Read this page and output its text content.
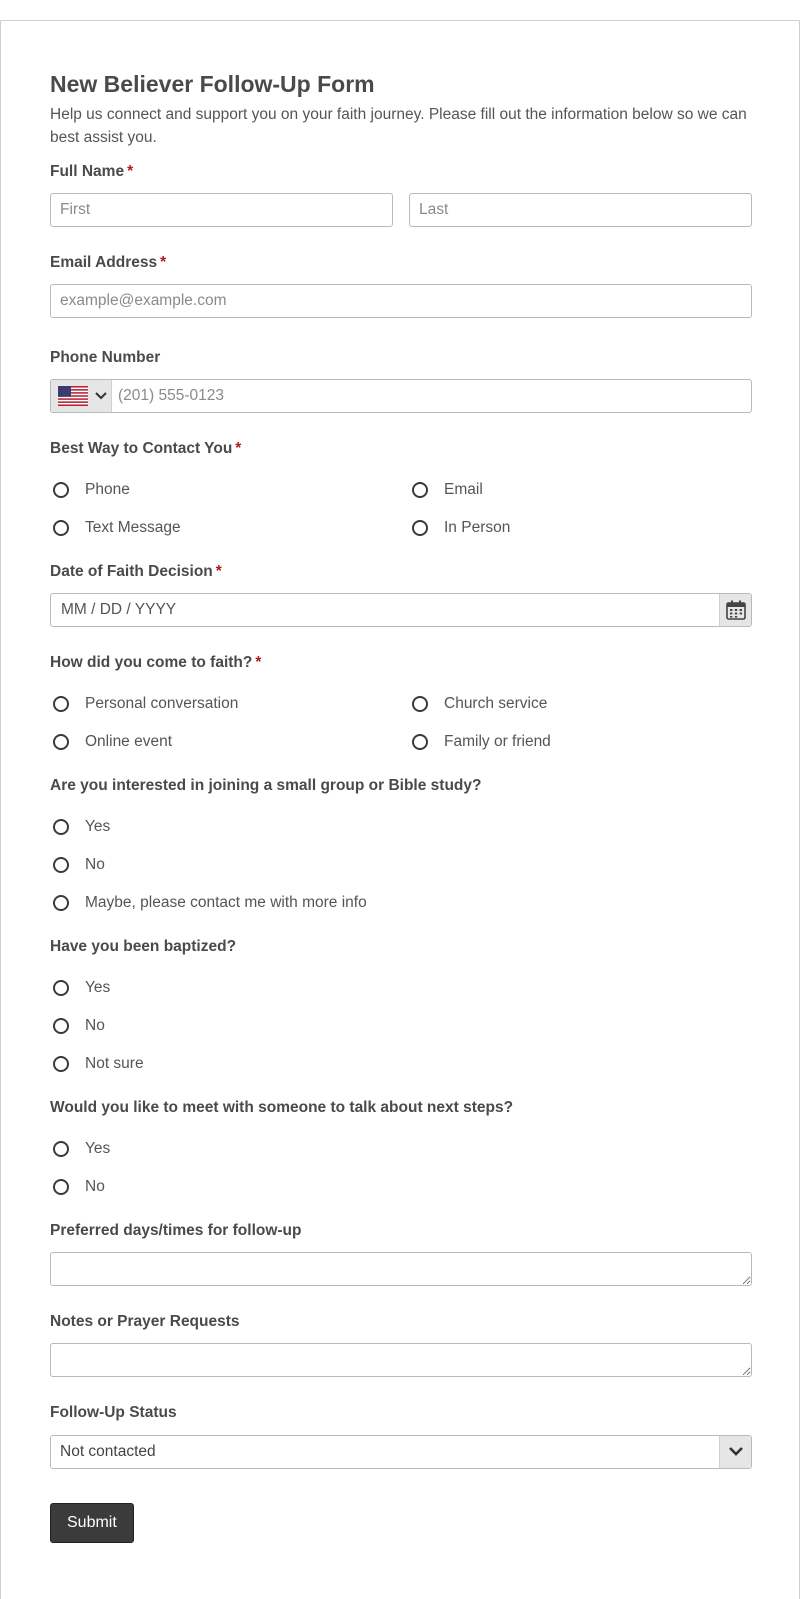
New Believer Follow-Up Form

Help us connect and support you on your faith journey. Please fill out the information below so we can best assist you.

Full Name *
First
Last
Email Address *
example@example.com
Phone Number
(201) 555-0123
Best Way to Contact You *
Phone	Email
Text Message	In Person
Date of Faith Decision *
MM / DD / YYYY
How did you come to faith? *
Personal conversation	Church service
Online event	Family or friend
Are you interested in joining a small group or Bible study?
Yes
No
Maybe, please contact me with more info
Have you been baptized?
Yes
No
Not sure
Would you like to meet with someone to talk about next steps?
Yes
No
Preferred days/times for follow-up
Notes or Prayer Requests
Follow-Up Status
Not contacted
Submit
